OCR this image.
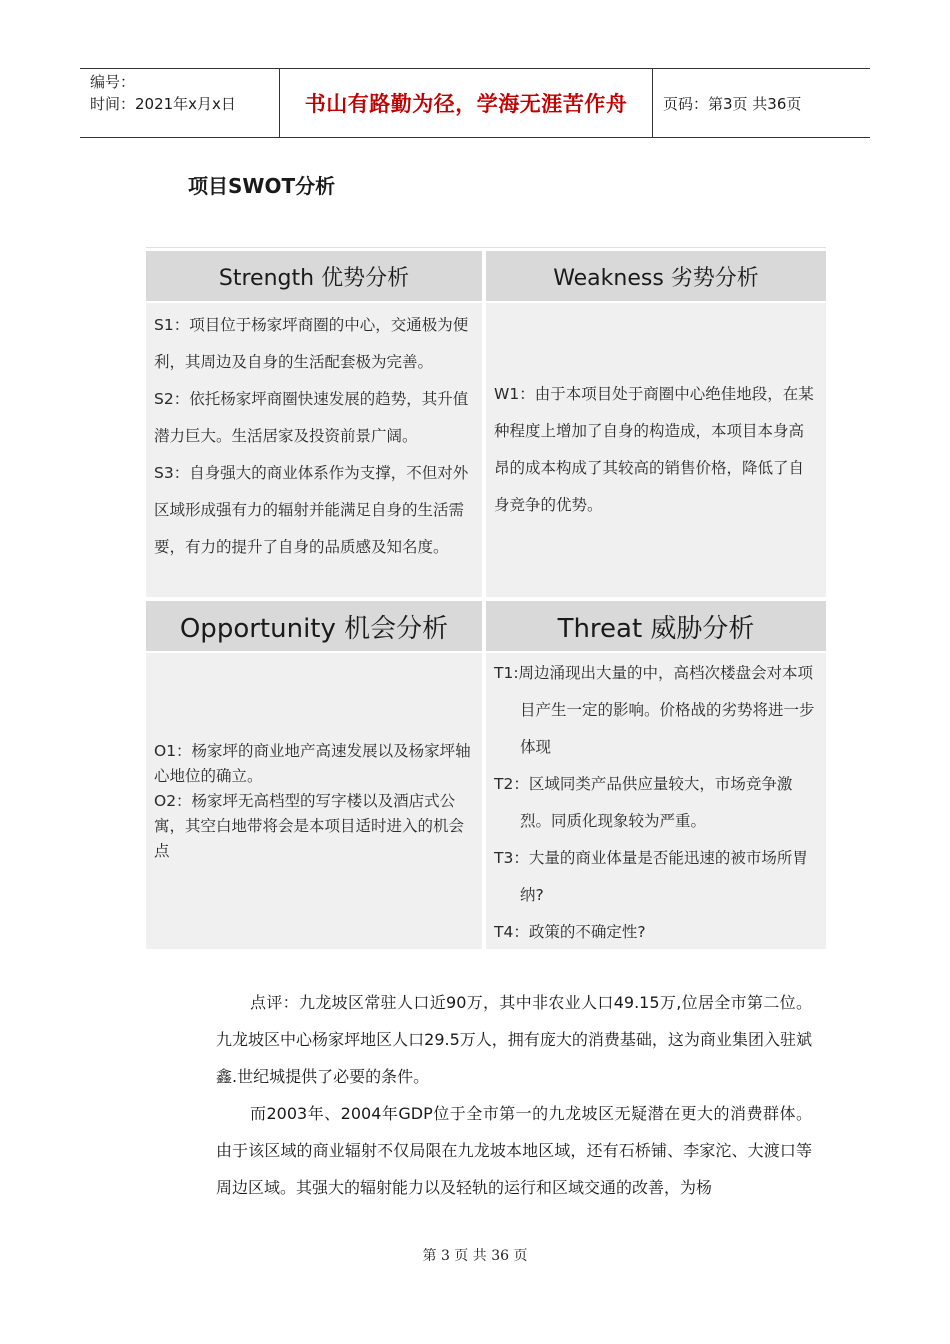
编号：
时间：2021年x月x日	书山有路勤为径，学海无涯苦作舟	页码：第3页 共36页
项目SWOT分析
Strength 优势分析	Weakness 劣势分析

S1：项目位于杨家坪商圈的中心，交通极为便利，其周边及自身的生活配套极为完善。

S2：依托杨家坪商圈快速发展的趋势，其升值潜力巨大。生活居家及投资前景广阔。

S3：自身强大的商业体系作为支撑，不但对外区域形成强有力的辐射并能满足自身的生活需要，有力的提升了自身的品质感及知名度。

W1：由于本项目处于商圈中心绝佳地段，在某种程度上增加了自身的构造成，本项目本身高昂的成本构成了其较高的销售价格，降低了自身竞争的优势。

Opportunity 机会分析	Threat 威胁分析

O1：杨家坪的商业地产高速发展以及杨家坪轴心地位的确立。

O2：杨家坪无高档型的写字楼以及酒店式公寓，其空白地带将会是本项目适时进入的机会点

T1:周边涌现出大量的中，高档次楼盘会对本项目产生一定的影响。价格战的劣势将进一步体现

T2：区域同类产品供应量较大，市场竞争激烈。同质化现象较为严重。

T3：大量的商业体量是否能迅速的被市场所胃纳?

T4：政策的不确定性?

点评：九龙坡区常驻人口近90万，其中非农业人口49.15万,位居全市第二位。九龙坡区中心杨家坪地区人口29.5万人，拥有庞大的消费基础，这为商业集团入驻斌鑫.世纪城提供了必要的条件。

而2003年、2004年GDP位于全市第一的九龙坡区无疑潜在更大的消费群体。由于该区域的商业辐射不仅局限在九龙坡本地区域，还有石桥铺、李家沱、大渡口等周边区域。其强大的辐射能力以及轻轨的运行和区域交通的改善，为杨

第 3 页 共 36 页
